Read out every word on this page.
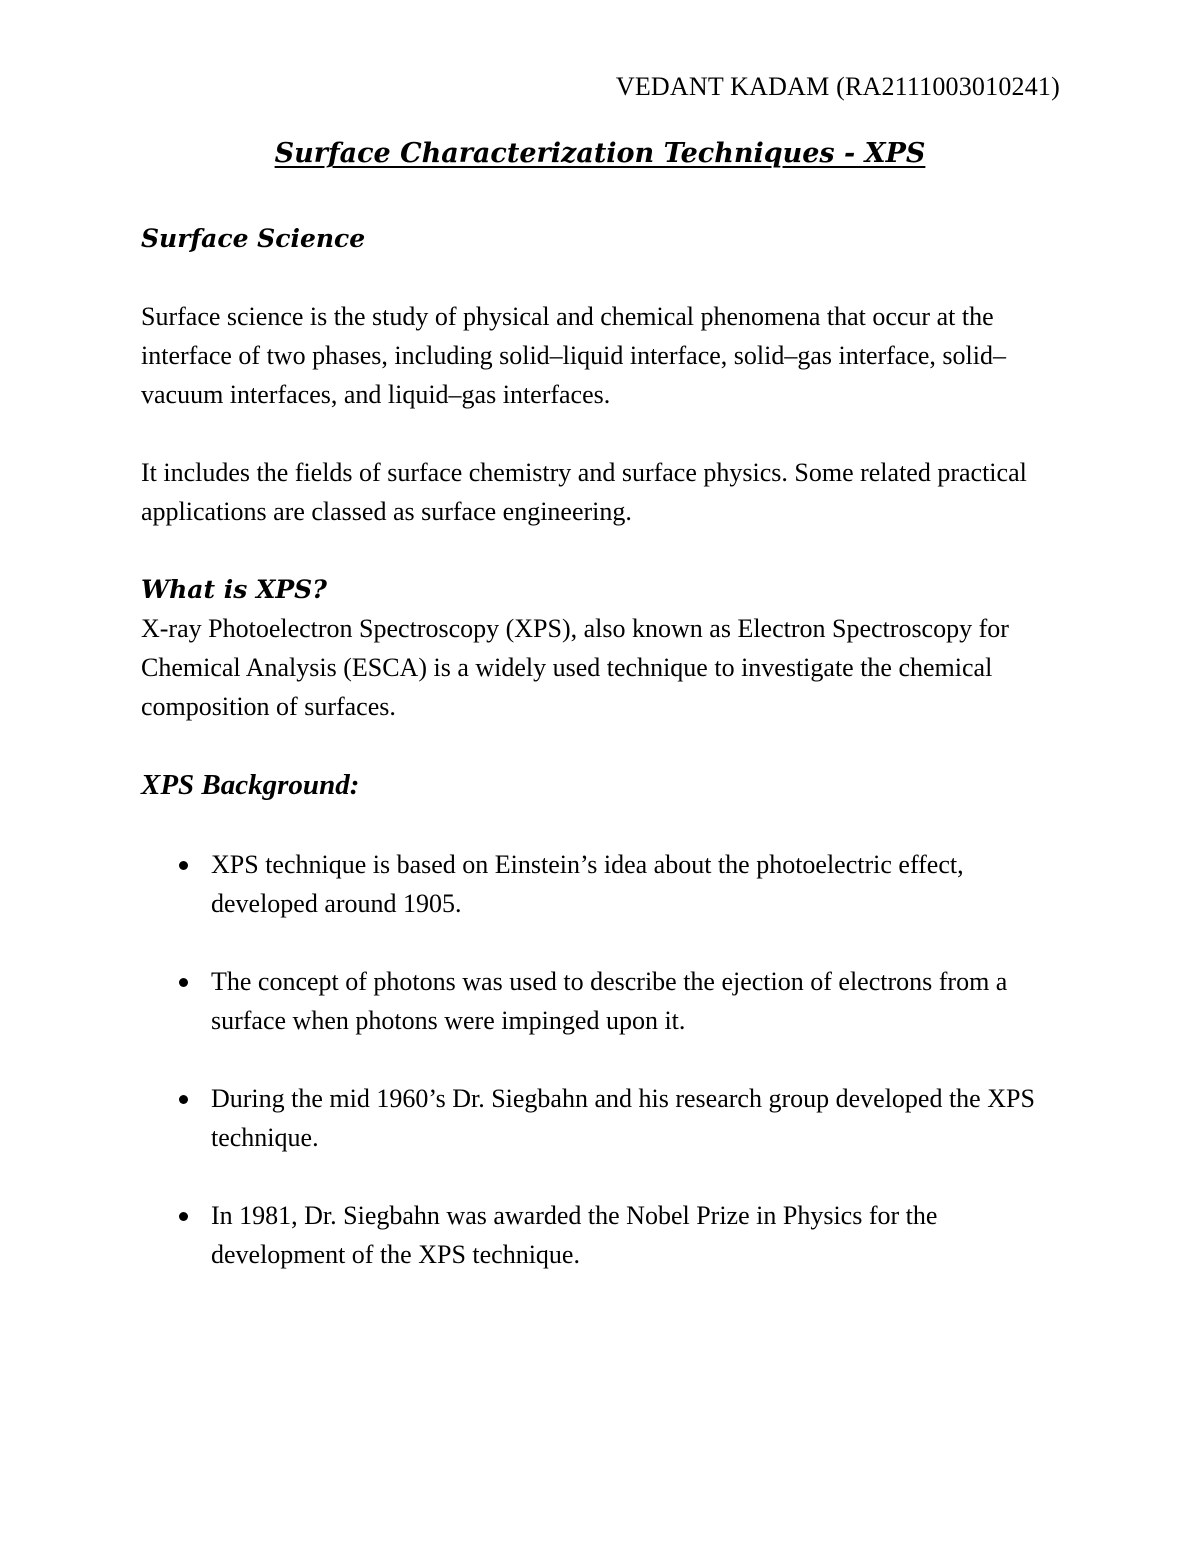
VEDANT KADAM (RA2111003010241)
Surface Characterization Techniques - XPS
Surface Science
Surface science is the study of physical and chemical phenomena that occur at the interface of two phases, including solid–liquid interface, solid–gas interface, solid–vacuum interfaces, and liquid–gas interfaces.
It includes the fields of surface chemistry and surface physics. Some related practical applications are classed as surface engineering.
What is XPS?
X-ray Photoelectron Spectroscopy (XPS), also known as Electron Spectroscopy for Chemical Analysis (ESCA) is a widely used technique to investigate the chemical composition of surfaces.
XPS Background:
XPS technique is based on Einstein’s idea about the photoelectric effect, developed around 1905.
The concept of photons was used to describe the ejection of electrons from a surface when photons were impinged upon it.
During the mid 1960’s Dr. Siegbahn and his research group developed the XPS technique.
In 1981, Dr. Siegbahn was awarded the Nobel Prize in Physics for the development of the XPS technique.
